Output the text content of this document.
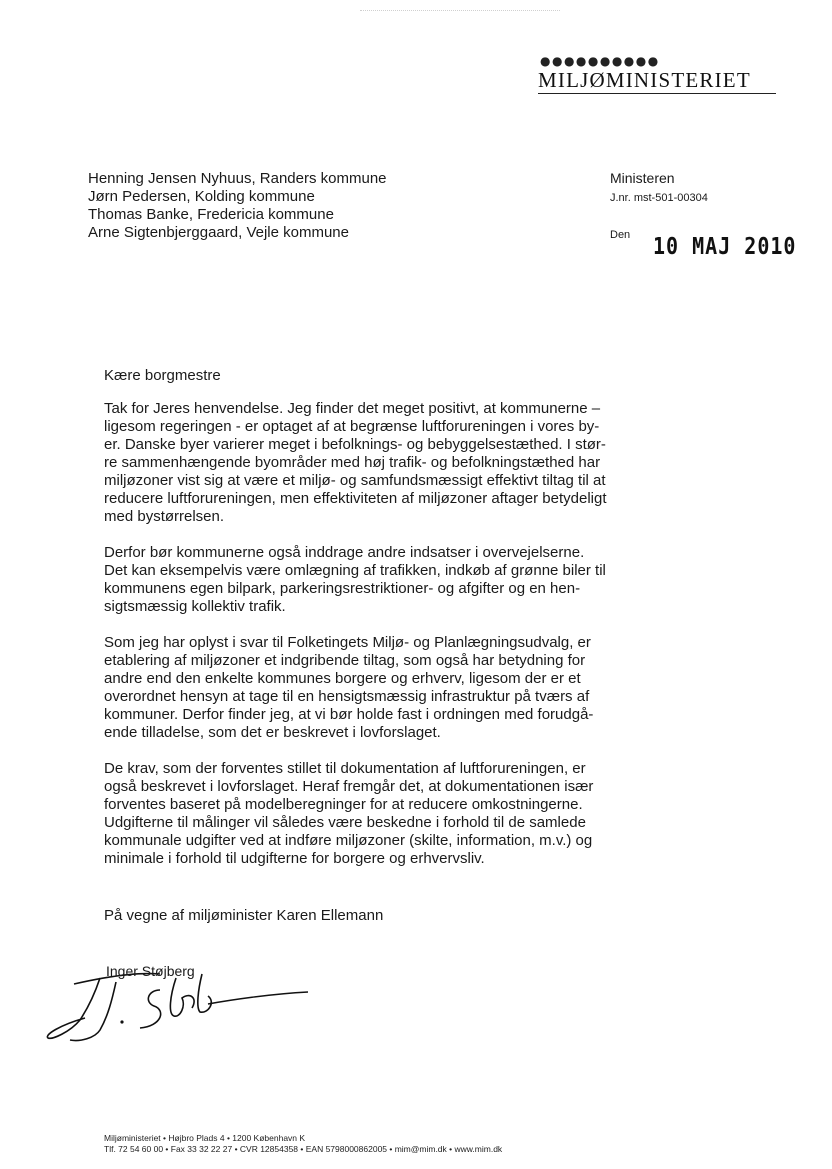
●●●●●●●●●●
MILJØMINISTERIET
Henning Jensen Nyhuus, Randers kommune
Jørn Pedersen, Kolding kommune
Thomas Banke, Fredericia kommune
Arne Sigtenbjerggaard, Vejle kommune
Ministeren
J.nr. mst-501-00304
Den 10 MAJ 2010
Kære borgmestre

Tak for Jeres henvendelse. Jeg finder det meget positivt, at kommunerne –
ligesom regeringen - er optaget af at begrænse luftforureningen i vores by-
er. Danske byer varierer meget i befolknings- og bebyggelsestæthed. I stør-
re sammenhængende byområder med høj trafik- og befolkningstæthed har
miljøzoner vist sig at være et miljø- og samfundsmæssigt effektivt tiltag til at
reducere luftforureningen, men effektiviteten af miljøzoner aftager betydeligt
med bystørrelsen.

Derfor bør kommunerne også inddrage andre indsatser i overvejelserne.
Det kan eksempelvis være omlægning af trafikken, indkøb af grønne biler til
kommunens egen bilpark, parkeringsrestriktioner- og afgifter og en hen-
sigtsmæssig kollektiv trafik.

Som jeg har oplyst i svar til Folketingets Miljø- og Planlægningsudvalg, er
etablering af miljøzoner et indgribende tiltag, som også har betydning for
andre end den enkelte kommunes borgere og erhverv, ligesom der er et
overordnet hensyn at tage til en hensigtsmæssig infrastruktur på tværs af
kommuner. Derfor finder jeg, at vi bør holde fast i ordningen med forudgå-
ende tilladelse, som det er beskrevet i lovforslaget.

De krav, som der forventes stillet til dokumentation af luftforureningen, er
også beskrevet i lovforslaget. Heraf fremgår det, at dokumentationen især
forventes baseret på modelberegninger for at reducere omkostningerne.
Udgifterne til målinger vil således være beskedne i forhold til de samlede
kommunale udgifter ved at indføre miljøzoner (skilte, information, m.v.) og
minimale i forhold til udgifterne for borgere og erhvervsliv.

På vegne af miljøminister Karen Ellemann
Inger Støjberg
Miljøministeriet • Højbro Plads 4 • 1200 København K
Tlf. 72 54 60 00 • Fax 33 32 22 27 • CVR 12854358 • EAN 5798000862005 • mim@mim.dk • www.mim.dk
